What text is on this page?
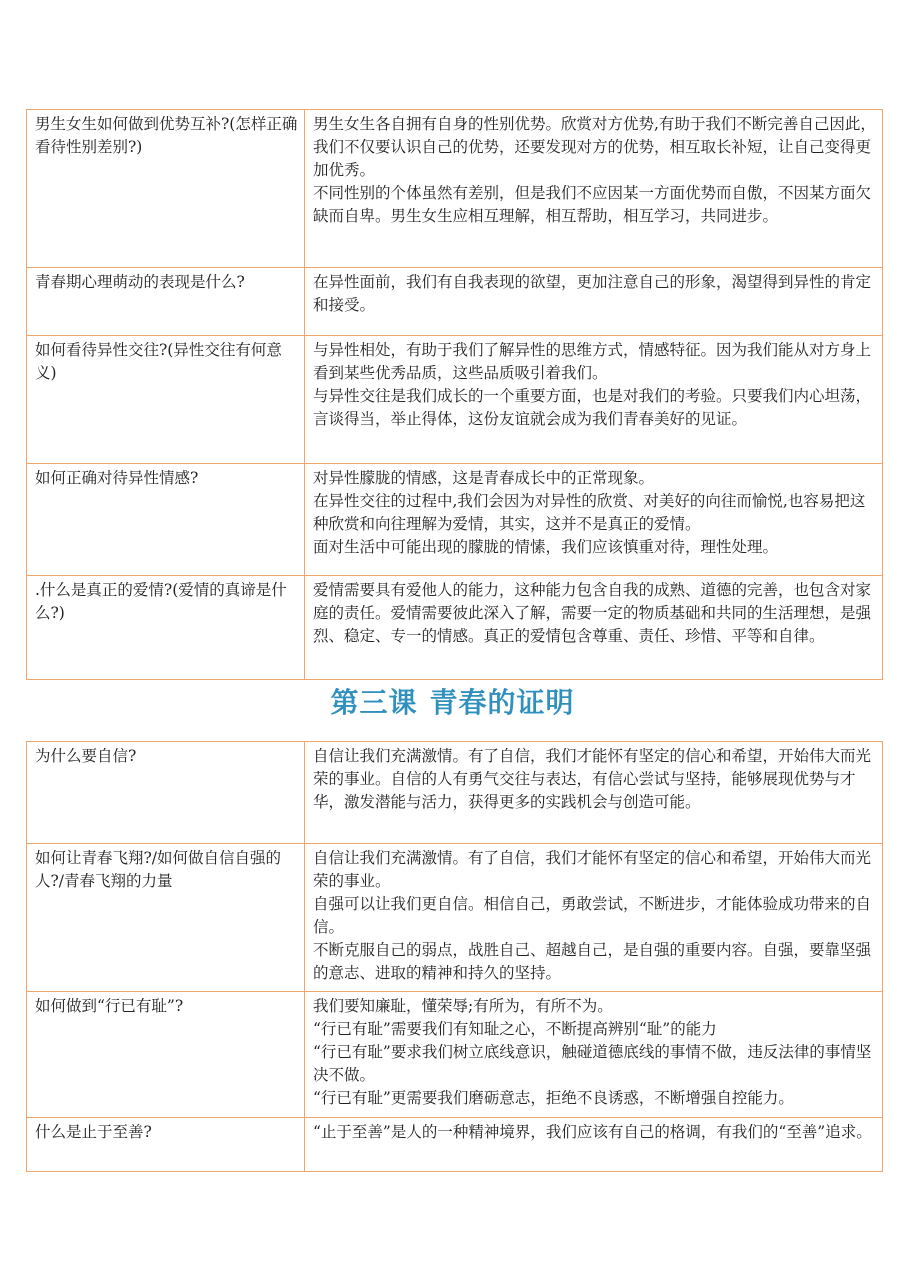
男生女生如何做到优势互补?(怎样正确看待性别差别?)	男生女生各自拥有自身的性别优势。欣赏对方优势,有助于我们不断完善自己因此，我们不仅要认识自己的优势，还要发现对方的优势，相互取长补短，让自己变得更加优秀。
不同性别的个体虽然有差别，但是我们不应因某一方面优势而自傲，不因某方面欠缺而自卑。男生女生应相互理解，相互帮助，相互学习，共同进步。

青春期心理萌动的表现是什么?	在异性面前，我们有自我表现的欲望，更加注意自己的形象，渴望得到异性的肯定和接受。

如何看待异性交往?(异性交往有何意义)	与异性相处，有助于我们了解异性的思维方式，情感特征。因为我们能从对方身上看到某些优秀品质，这些品质吸引着我们。
与异性交往是我们成长的一个重要方面，也是对我们的考验。只要我们内心坦荡，言谈得当，举止得体，这份友谊就会成为我们青春美好的见证。

如何正确对待异性情感?	对异性朦胧的情感，这是青春成长中的正常现象。
在异性交往的过程中,我们会因为对异性的欣赏、对美好的向往而愉悦,也容易把这种欣赏和向往理解为爱情，其实，这并不是真正的爱情。
面对生活中可能出现的朦胧的情愫，我们应该慎重对待，理性处理。

.什么是真正的爱情?(爱情的真谛是什么?)	爱情需要具有爱他人的能力，这种能力包含自我的成熟、道德的完善，也包含对家庭的责任。爱情需要彼此深入了解，需要一定的物质基础和共同的生活理想，是强烈、稳定、专一的情感。真正的爱情包含尊重、责任、珍惜、平等和自律。
第三课 青春的证明
为什么要自信?	自信让我们充满激情。有了自信，我们才能怀有坚定的信心和希望，开始伟大而光荣的事业。自信的人有勇气交往与表达，有信心尝试与坚持，能够展现优势与才华，激发潜能与活力，获得更多的实践机会与创造可能。

如何让青春飞翔?/如何做自信自强的人?/青春飞翔的力量	自信让我们充满激情。有了自信，我们才能怀有坚定的信心和希望，开始伟大而光荣的事业。
自强可以让我们更自信。相信自己，勇敢尝试，不断进步，才能体验成功带来的自信。
不断克服自己的弱点，战胜自己、超越自己，是自强的重要内容。自强，要靠坚强的意志、进取的精神和持久的坚持。

如何做到“行已有耻”?	我们要知廉耻，懂荣辱;有所为，有所不为。
“行已有耻”需要我们有知耻之心，不断提高辨别“耻”的能力
“行已有耻”要求我们树立底线意识，触碰道德底线的事情不做，违反法律的事情坚决不做。
“行已有耻”更需要我们磨砺意志，拒绝不良诱惑，不断增强自控能力。

什么是止于至善?	“止于至善”是人的一种精神境界，我们应该有自己的格调，有我们的“至善”追求。
